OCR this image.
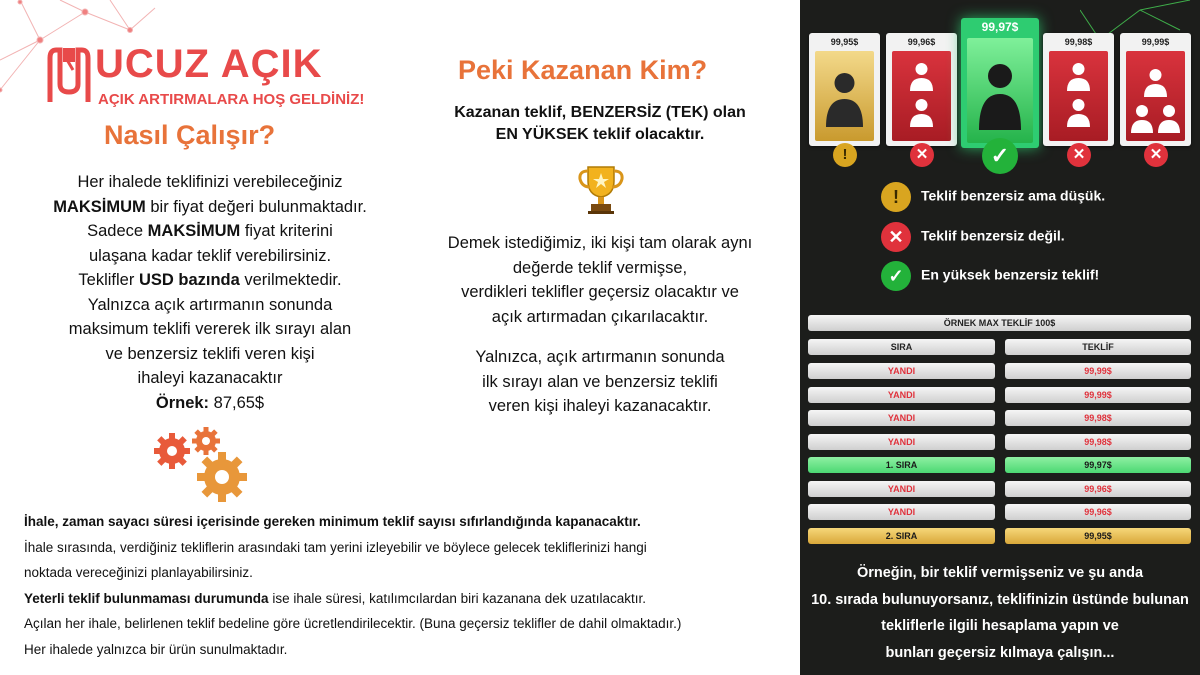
UCUZ AÇIK
AÇIK ARTIRMALARA HOŞ GELDİNİZ!
Nasıl Çalışır?

Her ihalede teklifinizi verebileceğiniz

MAKSİMUM bir fiyat değeri bulunmaktadır.

Sadece MAKSİMUM fiyat kriterini

ulaşana kadar teklif verebilirsiniz.

Teklifler USD bazında verilmektedir.

Yalnızca açık artırmanın sonunda

maksimum teklifi vererek ilk sırayı alan

ve benzersiz teklifi veren kişi

ihaleyi kazanacaktır

Örnek: 87,65$

Peki Kazanan Kim?
Kazanan teklif, BENZERSİZ (TEK) olan
EN YÜKSEK teklif olacaktır.

Demek istediğimiz, iki kişi tam olarak aynı

değerde teklif vermişse,

verdikleri teklifler geçersiz olacaktır ve

açık artırmadan çıkarılacaktır.

Yalnızca, açık artırmanın sonunda

ilk sırayı alan ve benzersiz teklifi

veren kişi ihaleyi kazanacaktır.

İhale, zaman sayacı süresi içerisinde gereken minimum teklif sayısı sıfırlandığında kapanacaktır.

İhale sırasında, verdiğiniz tekliflerin arasındaki tam yerini izleyebilir ve böylece gelecek tekliflerinizi hangi

noktada vereceğinizi planlayabilirsiniz.

Yeterli teklif bulunmaması durumunda ise ihale süresi, katılımcılardan biri kazanana dek uzatılacaktır.

Açılan her ihale, belirlenen teklif bedeline göre ücretlendirilecektir. (Buna geçersiz teklifler de dahil olmaktadır.)

Her ihalede yalnızca bir ürün sunulmaktadır.

99,95$
!
99,96$
✕
99,97$
✓
99,98$
✕
99,99$
✕
! Teklif benzersiz ama düşük.
✕ Teklif benzersiz değil.
✓ En yüksek benzersiz teklif!
ÖRNEK MAX TEKLİF 100$
SIRA	TEKLİF
YANDI	99,99$
YANDI	99,99$
YANDI	99,98$
YANDI	99,98$
1. SIRA	99,97$
YANDI	99,96$
YANDI	99,96$
2. SIRA	99,95$

Örneğin, bir teklif vermişseniz ve şu anda

10. sırada bulunuyorsanız, teklifinizin üstünde bulunan

tekliflerle ilgili hesaplama yapın ve

bunları geçersiz kılmaya çalışın...
